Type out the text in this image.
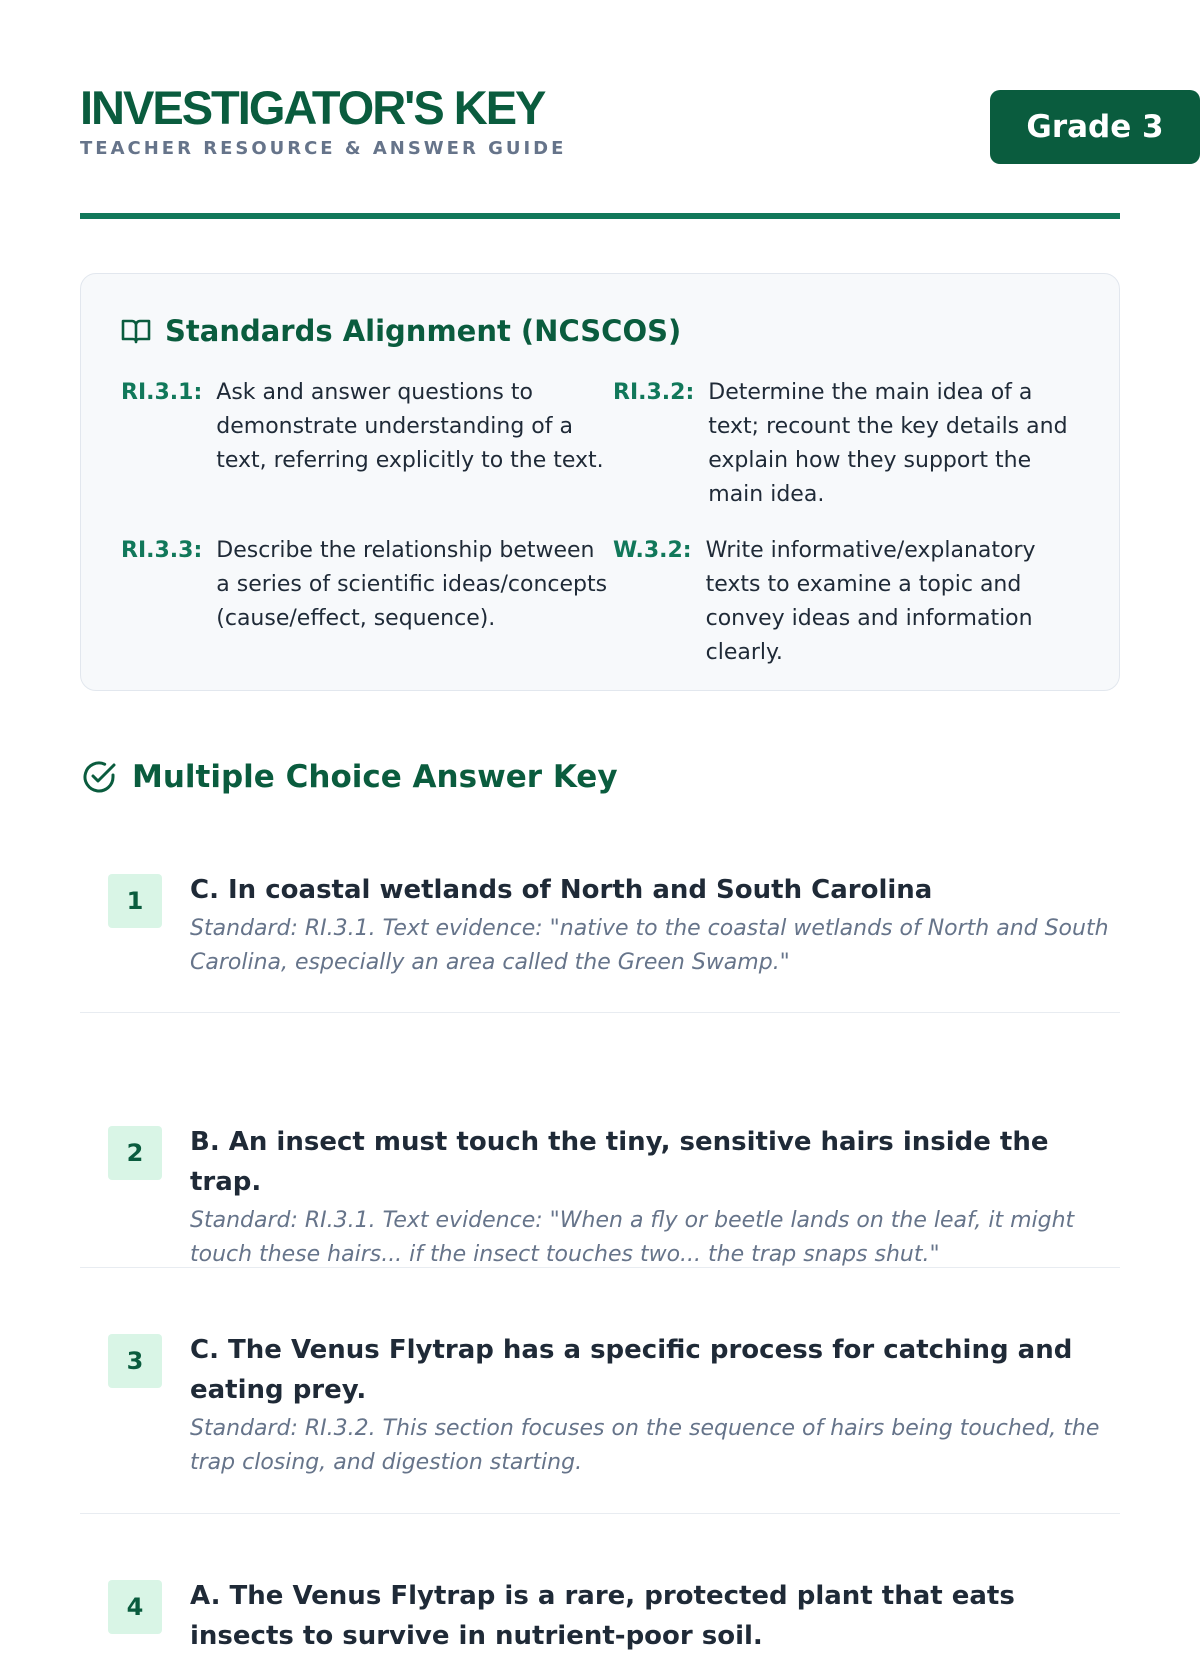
INVESTIGATOR'S KEY
TEACHER RESOURCE & ANSWER GUIDE
Grade 3
Standards Alignment (NCSCOS)
RI.3.1: Ask and answer questions to demonstrate understanding of a text, referring explicitly to the text.
RI.3.2: Determine the main idea of a text; recount the key details and explain how they support the main idea.
RI.3.3: Describe the relationship between a series of scientific ideas/concepts (cause/effect, sequence).
W.3.2: Write informative/explanatory texts to examine a topic and convey ideas and information clearly.
Multiple Choice Answer Key
1	C. In coastal wetlands of North and South Carolina
Standard: RI.3.1. Text evidence: "native to the coastal wetlands of North and South Carolina, especially an area called the Green Swamp."
2	B. An insect must touch the tiny, sensitive hairs inside the trap.
Standard: RI.3.1. Text evidence: "When a fly or beetle lands on the leaf, it might touch these hairs... if the insect touches two... the trap snaps shut."
3	C. The Venus Flytrap has a specific process for catching and eating prey.
Standard: RI.3.2. This section focuses on the sequence of hairs being touched, the trap closing, and digestion starting.
4	A. The Venus Flytrap is a rare, protected plant that eats insects to survive in nutrient-poor soil.
